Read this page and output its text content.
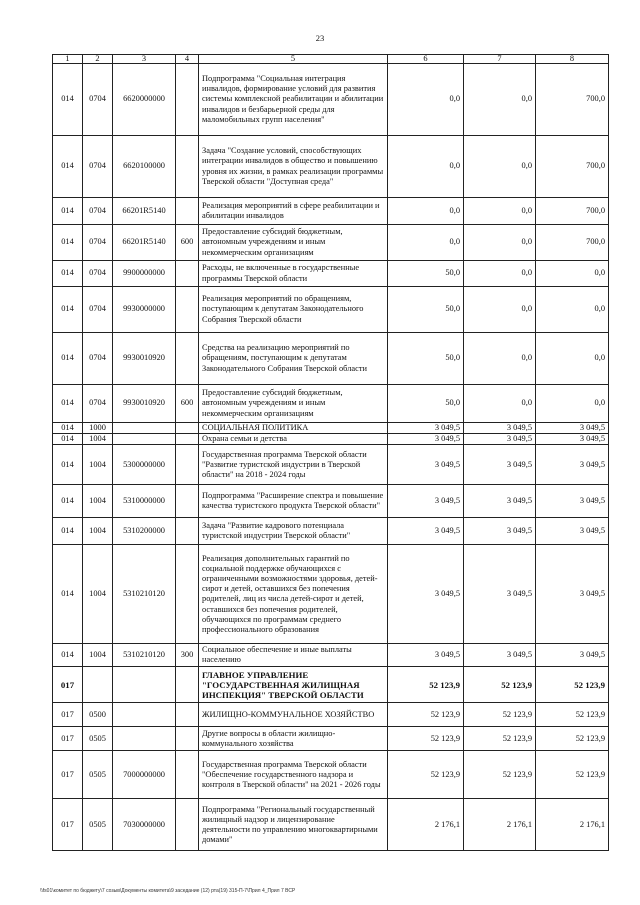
23
1	2	3	4	5	6	7	8
014	0704	6620000000		Подпрограмма "Социальная интеграция инвалидов, формирование условий для развития системы комплексной реабилитации и абилитации инвалидов и безбарьерной среды для маломобильных групп населения"	0,0	0,0	700,0
014	0704	6620100000		Задача "Создание условий, способствующих интеграции инвалидов в общество и повышению уровня их жизни, в рамках реализации программы Тверской области "Доступная среда"	0,0	0,0	700,0
014	0704	66201R5140		Реализация мероприятий в сфере реабилитации и абилитации инвалидов	0,0	0,0	700,0
014	0704	66201R5140	600	Предоставление субсидий бюджетным, автономным учреждениям и иным некоммерческим организациям	0,0	0,0	700,0
014	0704	9900000000		Расходы, не включенные в государственные программы Тверской области	50,0	0,0	0,0
014	0704	9930000000		Реализация мероприятий по обращениям, поступающим к депутатам Законодательного Собрания Тверской области	50,0	0,0	0,0
014	0704	9930010920		Средства на реализацию мероприятий по обращениям, поступающим к депутатам Законодательного Собрания Тверской области	50,0	0,0	0,0
014	0704	9930010920	600	Предоставление субсидий бюджетным, автономным учреждениям и иным некоммерческим организациям	50,0	0,0	0,0
014	1000			СОЦИАЛЬНАЯ ПОЛИТИКА	3 049,5	3 049,5	3 049,5
014	1004			Охрана семьи и детства	3 049,5	3 049,5	3 049,5
014	1004	5300000000		Государственная программа Тверской области "Развитие туристской индустрии в Тверской области" на 2018 - 2024 годы	3 049,5	3 049,5	3 049,5
014	1004	5310000000		Подпрограмма "Расширение спектра и повышение качества туристского продукта Тверской области"	3 049,5	3 049,5	3 049,5
014	1004	5310200000		Задача "Развитие кадрового потенциала туристской индустрии Тверской области"	3 049,5	3 049,5	3 049,5
014	1004	5310210120		Реализация дополнительных гарантий по социальной поддержке обучающихся с ограниченными возможностями здоровья, детей-сирот и детей, оставшихся без попечения родителей, лиц из числа детей-сирот и детей, оставшихся без попечения родителей, обучающихся по программам среднего профессионального образования	3 049,5	3 049,5	3 049,5
014	1004	5310210120	300	Социальное обеспечение и иные выплаты населению	3 049,5	3 049,5	3 049,5
017				ГЛАВНОЕ УПРАВЛЕНИЕ "ГОСУДАРСТВЕННАЯ ЖИЛИЩНАЯ ИНСПЕКЦИЯ" ТВЕРСКОЙ ОБЛАСТИ	52 123,9	52 123,9	52 123,9
017	0500			ЖИЛИЩНО-КОММУНАЛЬНОЕ ХОЗЯЙСТВО	52 123,9	52 123,9	52 123,9
017	0505			Другие вопросы в области жилищно-коммунального хозяйства	52 123,9	52 123,9	52 123,9
017	0505	7000000000		Государственная программа Тверской области "Обеспечение государственного надзора и контроля в Тверской области" на 2021 - 2026 годы	52 123,9	52 123,9	52 123,9
017	0505	7030000000		Подпрограмма "Региональный государственный жилищный надзор и лицензирование деятельности по управлению многоквартирными домами"	2 176,1	2 176,1	2 176,1
\\fs01\комитет по бюджету\7 созыв\Документы комитета\9 заседание (12) рта(19) 315-П-7\Прил 4_Прил 7 ВСР
